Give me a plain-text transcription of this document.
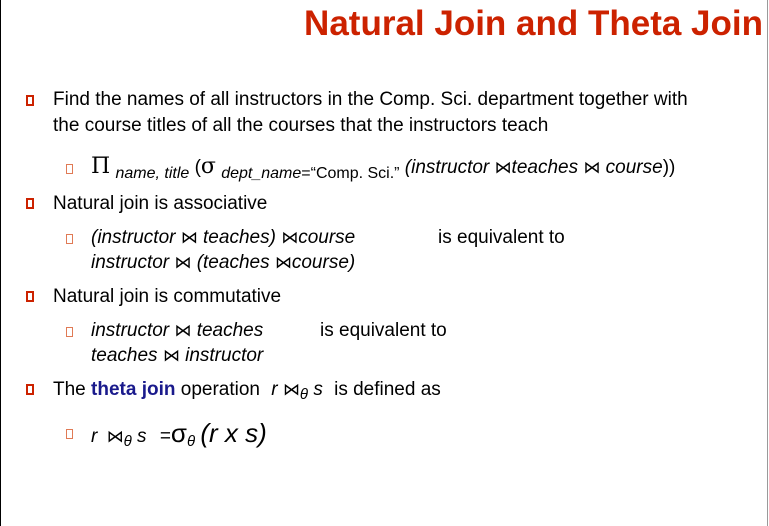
Natural Join and Theta Join
Find the names of all instructors in the Comp. Sci. department together with
the course titles of all the courses that the instructors teach
Π $_{name, title}$ (σ $_{dept\_name=“Comp. Sci.”}$ (instructor ⋈teaches ⋈ course))
Natural join is associative
(instructor ⋈ teaches) ⋈course	is equivalent to
instructor ⋈ (teaches ⋈course)
Natural join is commutative
instructor ⋈ teaches	is equivalent to
teaches ⋈ instructor
The theta join operation r $⋈_\theta$ s is defined as
r $⋈_\theta$ $s =\sigma_\theta$ (r x s)
